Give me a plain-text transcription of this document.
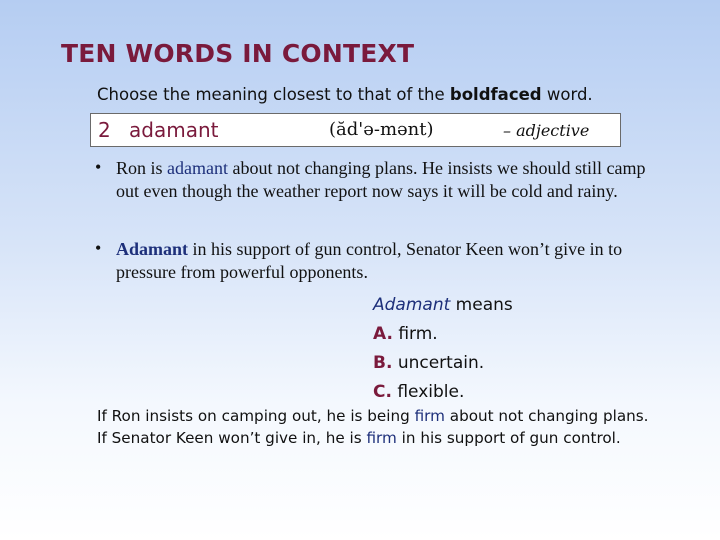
TEN WORDS IN CONTEXT
Choose the meaning closest to that of the boldfaced word.
2 adamant	(ăd'ə-mənt)	– adjective
• Ron is adamant about not changing plans. He insists we should still camp out even though the weather report now says it will be cold and rainy.
• Adamant in his support of gun control, Senator Keen won’t give in to pressure from powerful opponents.
Adamant means
A. firm.
B. uncertain.
C. flexible.
If Ron insists on camping out, he is being firm about not changing plans. If Senator Keen won’t give in, he is firm in his support of gun control.
